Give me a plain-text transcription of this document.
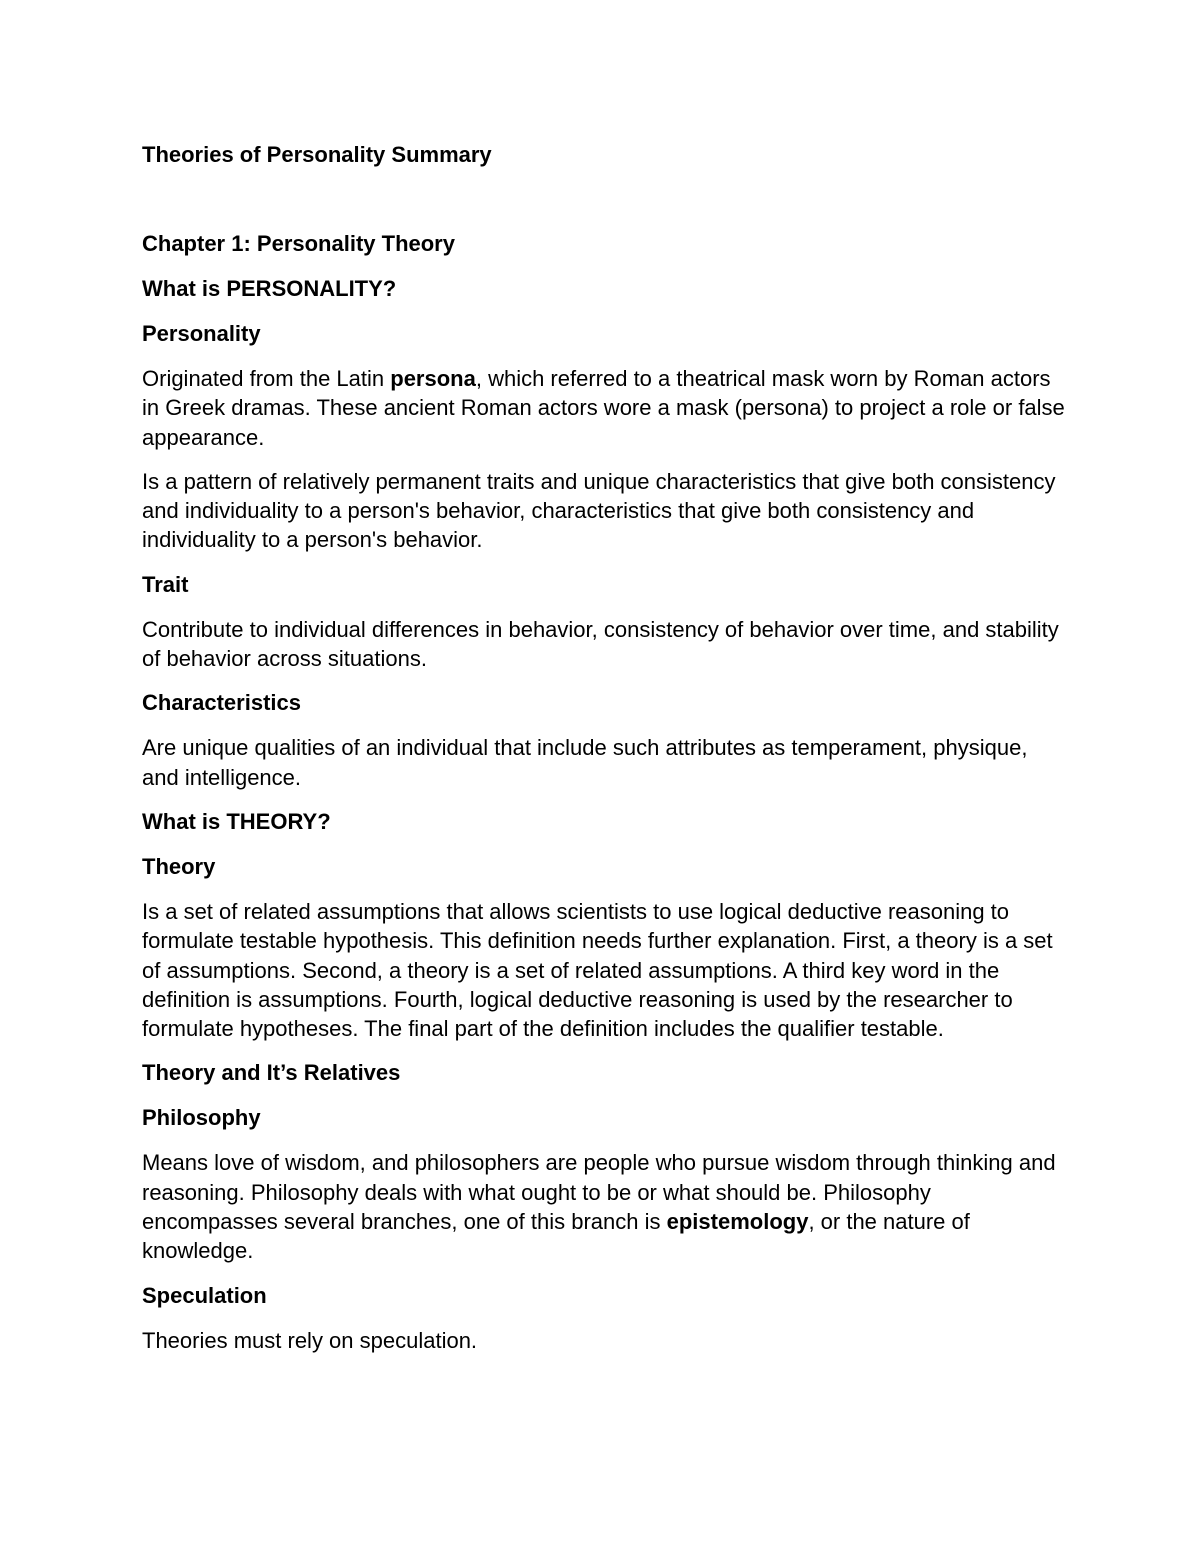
Theories of Personality Summary
Chapter 1: Personality Theory
What is PERSONALITY?
Personality
Originated from the Latin persona, which referred to a theatrical mask worn by Roman actors in Greek dramas. These ancient Roman actors wore a mask (persona) to project a role or false appearance.
Is a pattern of relatively permanent traits and unique characteristics that give both consistency and individuality to a person's behavior, characteristics that give both consistency and individuality to a person's behavior.
Trait
Contribute to individual differences in behavior, consistency of behavior over time, and stability of behavior across situations.
Characteristics
Are unique qualities of an individual that include such attributes as temperament, physique, and intelligence.
What is THEORY?
Theory
Is a set of related assumptions that allows scientists to use logical deductive reasoning to formulate testable hypothesis. This definition needs further explanation. First, a theory is a set of assumptions. Second, a theory is a set of related assumptions. A third key word in the definition is assumptions. Fourth, logical deductive reasoning is used by the researcher to formulate hypotheses. The final part of the definition includes the qualifier testable.
Theory and It’s Relatives
Philosophy
Means love of wisdom, and philosophers are people who pursue wisdom through thinking and reasoning. Philosophy deals with what ought to be or what should be. Philosophy encompasses several branches, one of this branch is epistemology, or the nature of knowledge.
Speculation
Theories must rely on speculation.
